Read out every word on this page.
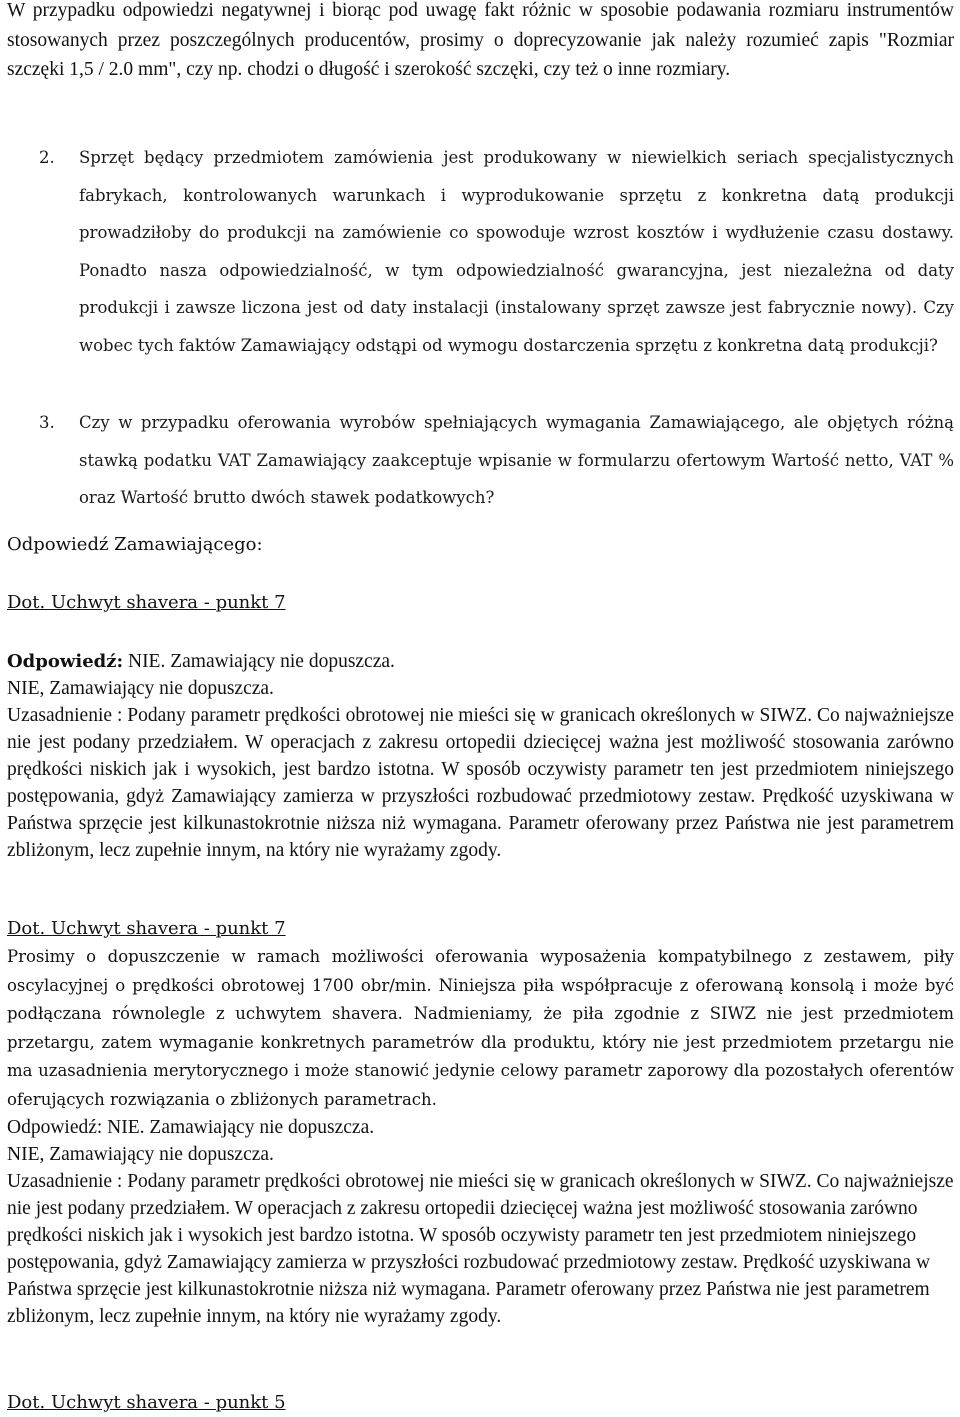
W przypadku odpowiedzi negatywnej i biorąc pod uwagę fakt różnic w sposobie podawania rozmiaru instrumentów stosowanych przez poszczególnych producentów, prosimy o doprecyzowanie jak należy rozumieć zapis "Rozmiar szczęki 1,5 / 2.0 mm", czy np. chodzi o długość i szerokość szczęki, czy też o inne rozmiary.

2.	Sprzęt będący przedmiotem zamówienia jest produkowany w niewielkich seriach specjalistycznych fabrykach, kontrolowanych warunkach i wyprodukowanie sprzętu z konkretna datą produkcji prowadziłoby do produkcji na zamówienie co spowoduje wzrost kosztów i wydłużenie czasu dostawy. Ponadto nasza odpowiedzialność, w tym odpowiedzialność gwarancyjna, jest niezależna od daty produkcji i zawsze liczona jest od daty instalacji (instalowany sprzęt zawsze jest fabrycznie nowy). Czy wobec tych faktów Zamawiający odstąpi od wymogu dostarczenia sprzętu z konkretna datą produkcji?
3.	Czy w przypadku oferowania wyrobów spełniających wymagania Zamawiającego, ale objętych różną stawką podatku VAT Zamawiający zaakceptuje wpisanie w formularzu ofertowym Wartość netto, VAT % oraz Wartość brutto dwóch stawek podatkowych?
Odpowiedź Zamawiającego:
Dot. Uchwyt shavera - punkt 7
Odpowiedź: NIE. Zamawiający nie dopuszcza.

NIE, Zamawiający nie dopuszcza.

Uzasadnienie : Podany parametr prędkości obrotowej nie mieści się w granicach określonych w SIWZ. Co najważniejsze nie jest podany przedziałem. W operacjach z zakresu ortopedii dziecięcej ważna jest możliwość stosowania zarówno prędkości niskich jak i wysokich, jest bardzo istotna. W sposób oczywisty parametr ten jest przedmiotem niniejszego postępowania, gdyż Zamawiający zamierza w przyszłości rozbudować przedmiotowy zestaw. Prędkość uzyskiwana w Państwa sprzęcie jest kilkunastokrotnie niższa niż wymagana. Parametr oferowany przez Państwa nie jest parametrem zbliżonym, lecz zupełnie innym, na który nie wyrażamy zgody.

Dot. Uchwyt shavera - punkt 7

Prosimy o dopuszczenie w ramach możliwości oferowania wyposażenia kompatybilnego z zestawem, piły oscylacyjnej o prędkości obrotowej 1700 obr/min. Niniejsza piła współpracuje z oferowaną konsolą i może być podłączana równolegle z uchwytem shavera. Nadmieniamy, że piła zgodnie z SIWZ nie jest przedmiotem przetargu, zatem wymaganie konkretnych parametrów dla produktu, który nie jest przedmiotem przetargu nie ma uzasadnienia merytorycznego i może stanowić jedynie celowy parametr zaporowy dla pozostałych oferentów oferujących rozwiązania o zbliżonych parametrach.

Odpowiedź: NIE. Zamawiający nie dopuszcza.

NIE, Zamawiający nie dopuszcza.

Uzasadnienie : Podany parametr prędkości obrotowej nie mieści się w granicach określonych w SIWZ. Co najważniejsze nie jest podany przedziałem. W operacjach z zakresu ortopedii dziecięcej ważna jest możliwość stosowania zarówno prędkości niskich jak i wysokich jest bardzo istotna. W sposób oczywisty parametr ten jest przedmiotem niniejszego postępowania, gdyż Zamawiający zamierza w przyszłości rozbudować przedmiotowy zestaw. Prędkość uzyskiwana w Państwa sprzęcie jest kilkunastokrotnie niższa niż wymagana. Parametr oferowany przez Państwa nie jest parametrem zbliżonym, lecz zupełnie innym, na który nie wyrażamy zgody.

Dot. Uchwyt shavera - punkt 5
